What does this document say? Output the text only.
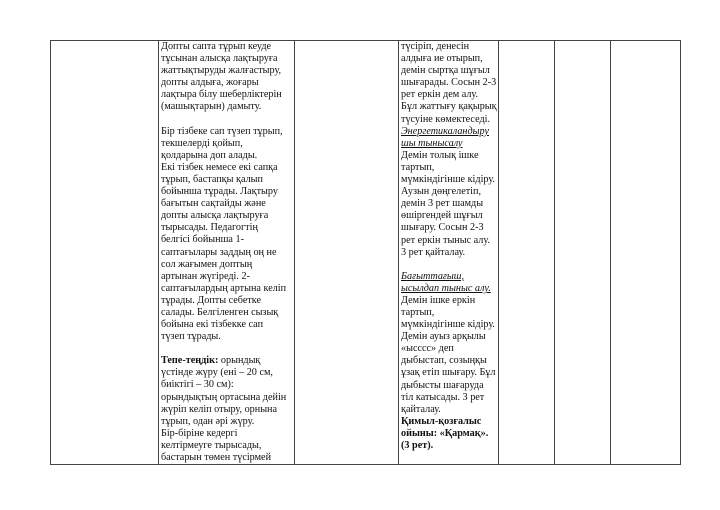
Допты сапта тұрып кеуде
тұсынан алысқа лақтыруға
жаттықтыруды жалғастыру,
допты алдыға, жоғары
лақтыра білу шеберліктерін
(машықтарын) дамыту.
Бір тізбеке сап түзеп тұрып,
текшелерді қойып,
қолдарына доп алады.
Екі тізбек немесе екі сапқа
тұрып, бастапқы қалып
бойынша тұрады. Лақтыру
бағытын сақтайды және
допты алысқа лақтыруға
тырысады. Педагогтің
белгісі бойынша 1-
саптағылары заддың оң не
сол жағымен доптың
артынан жүгіреді. 2-
саптағылардың артына келіп
тұрады. Допты себетке
салады. Белгіленген сызық
бойына екі тізбекке сап
түзеп тұрады.
Тепе-теңдік: орындық
үстінде жүру (ені – 20 см,
биіктігі – 30 см):
орындықтың ортасына дейін
жүріп келіп отыру, орнына
тұрып, одан әрі жүру.
Бір-біріне кедергі
келтірмеуге тырысады,
бастарын төмен түсірмей

түсіріп, денесін
алдыға ие отырып,
демін сыртқа шұғыл
шығарады. Сосын 2-3
рет еркін дем алу.
Бұл жаттығу қақырық
түсуіне көмектеседі.
Энергетикаландыру
шы тынысалу
Демін толық ішке
тартып,
мүмкіндігінше кідіру.
Аузын дөңгелетіп,
демін 3 рет шамды
өшіргендей шұғыл
шығару. Сосын 2-3
рет еркін тыныс алу.
3 рет қайталау.
Бағыттағыш,
ысылдап тыныс алу.
Демін ішке еркін
тартып,
мүмкіндігінше кідіру.
Демін ауыз арқылы
«ысссс» деп
дыбыстап, созыңқы
ұзақ етіп шығару. Бұл
дыбысты шағарудa
тіл катысады. 3 рет
қайталау.
Қимыл-қозғалыс
ойыны: «Қармақ».
(3 рет).
